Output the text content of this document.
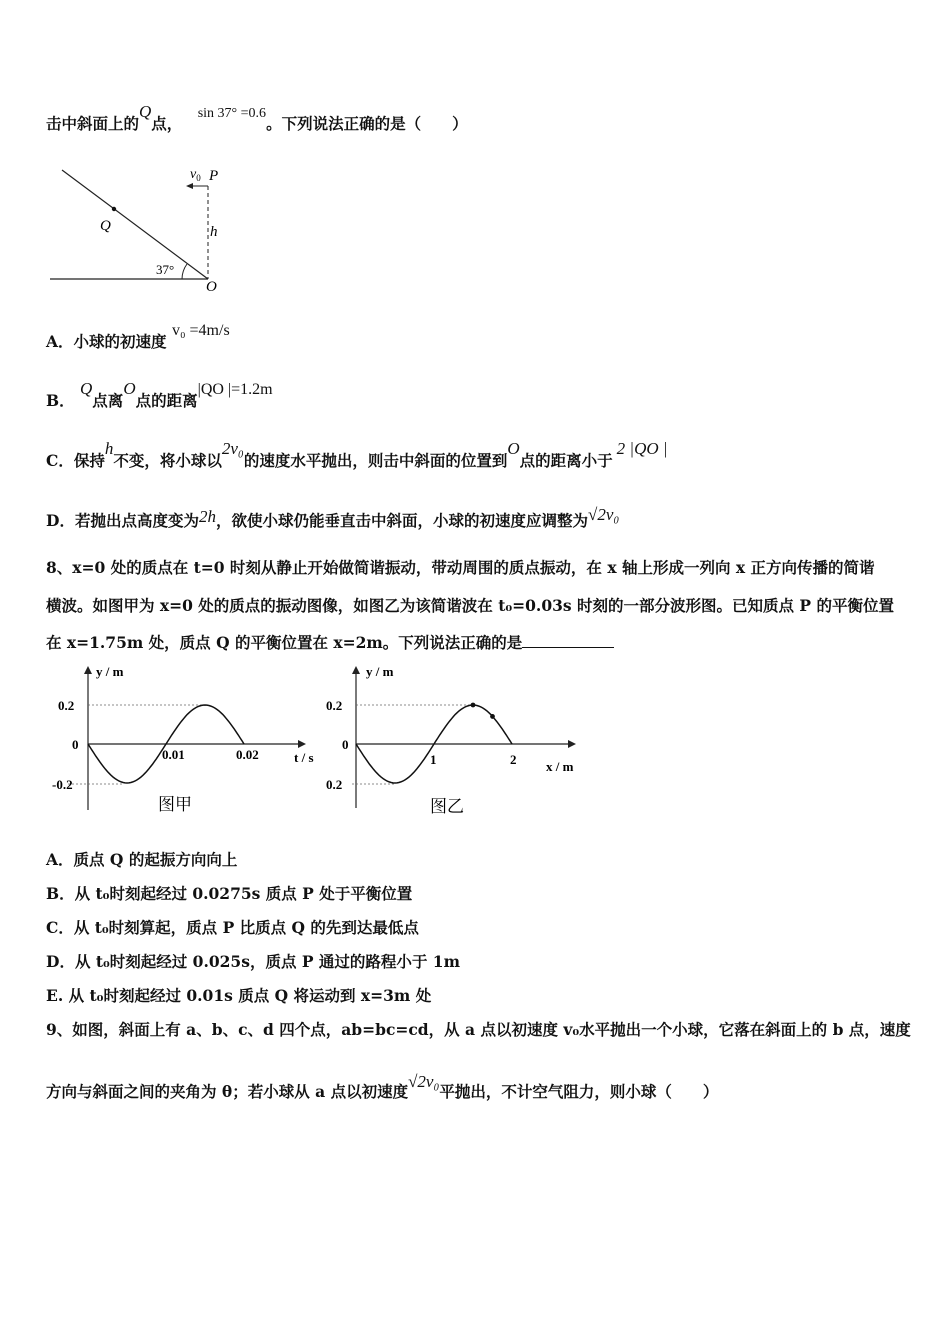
击中斜面上的Q点， sin 37° =0.6。下列说法正确的是（　　）
$v_0$ P
Q	h
37°
O
A．小球的初速度 v₀ =4m/s
B． Q点离O点的距离|QO |=1.2m
C．保持h不变，将小球以2v₀的速度水平抛出，则击中斜面的位置到O点的距离小于2 |QO |
D．若抛出点高度变为2h，欲使小球仍能垂直击中斜面，小球的初速度应调整为√2v₀
8、x=0 处的质点在 t=0 时刻从静止开始做简谐振动，带动周围的质点振动，在 x 轴上形成一列向 x 正方向传播的简谐
横波。如图甲为 x=0 处的质点的振动图像，如图乙为该简谐波在 t₀=0.03s 时刻的一部分波形图。已知质点 P 的平衡位置
在 x=1.75m 处，质点 Q 的平衡位置在 x=2m。下列说法正确的是
y / m
0.01	0.02	t / s
0.2
0
-0.2
图甲
y / m
1	2 x / m
0.2
0
0.2
图乙
A．质点 Q 的起振方向向上
B．从 t₀时刻起经过 0.0275s 质点 P 处于平衡位置
C．从 t₀时刻算起，质点 P 比质点 Q 的先到达最低点
D．从 t₀时刻起经过 0.025s，质点 P 通过的路程小于 1m
E. 从 t₀时刻起经过 0.01s 质点 Q 将运动到 x=3m 处
9、如图，斜面上有 a、b、c、d 四个点，ab=bc=cd，从 a 点以初速度 v₀水平抛出一个小球，它落在斜面上的 b 点，速度
方向与斜面之间的夹角为 θ；若小球从 a 点以初速度√2v₀平抛出，不计空气阻力，则小球（　　）
